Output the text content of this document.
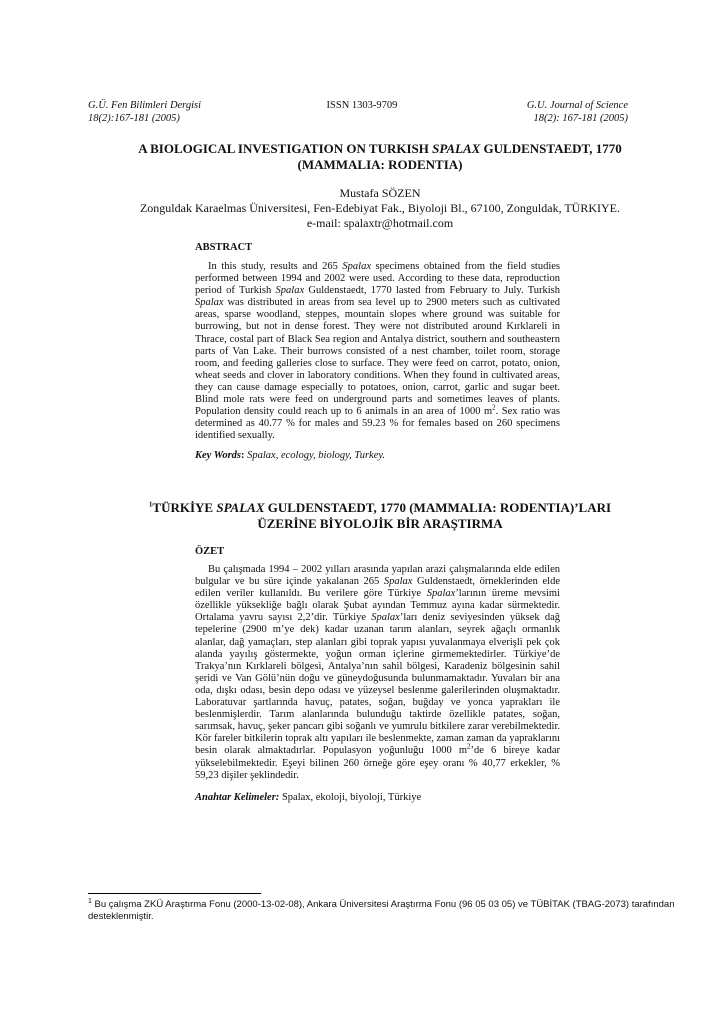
G.Ü. Fen Bilimleri Dergisi
18(2):167-181 (2005)
ISSN 1303-9709	G.U. Journal of Science
18(2): 167-181 (2005)
A BIOLOGICAL INVESTIGATION ON TURKISH SPALAX GULDENSTAEDT, 1770
(MAMMALIA: RODENTIA)
Mustafa SÖZEN
Zonguldak Karaelmas Üniversitesi, Fen-Edebiyat Fak., Biyoloji Bl., 67100, Zonguldak, TÜRKIYE.
e-mail: spalaxtr@hotmail.com
ABSTRACT

In this study, results and 265 Spalax specimens obtained from the field studies performed between 1994 and 2002 were used. According to these data, reproduction period of Turkish Spalax Guldenstaedt, 1770 lasted from February to July. Turkish Spalax was distributed in areas from sea level up to 2900 meters such as cultivated areas, sparse woodland, steppes, mountain slopes where ground was suitable for burrowing, but not in dense forest. They were not distributed around Kırklareli in Thrace, costal part of Black Sea region and Antalya district, southern and southeastern parts of Van Lake. Their burrows consisted of a nest chamber, toilet room, storage room, and feeding galleries close to surface. They were feed on carrot, potato, onion, wheat seeds and clover in laboratory conditions. When they found in cultivated areas, they can cause damage especially to potatoes, onion, carrot, garlic and sugar beet. Blind mole rats were feed on underground parts and sometimes leaves of plants. Population density could reach up to 6 animals in an area of 1000 $m^2$. Sex ratio was determined as 40.77 % for males and 59.23 % for females based on 260 specimens identified sexually.

Key Words: Spalax, ecology, biology, Turkey.
$^1$TÜRKİYE SPALAX GULDENSTAEDT, 1770 (MAMMALIA: RODENTIA)’LARI
ÜZERİNE BİYOLOJİK BİR ARAŞTIRMA
ÖZET

Bu çalışmada 1994 – 2002 yılları arasında yapılan arazi çalışmalarında elde edilen bulgular ve bu süre içinde yakalanan 265 Spalax Guldenstaedt, örneklerinden elde edilen veriler kullanıldı. Bu verilere göre Türkiye Spalax’larının üreme mevsimi özellikle yüksekliğe bağlı olarak Şubat ayından Temmuz ayına kadar sürmektedir. Ortalama yavru sayısı 2,2’dir. Türkiye Spalax’ları deniz seviyesinden yüksek dağ tepelerine (2900 m’ye dek) kadar uzanan tarım alanları, seyrek ağaçlı ormanlık alanlar, dağ yamaçları, step alanları gibi toprak yapısı yuvalanmaya elverişli pek çok alanda yayılış göstermekte, yoğun orman içlerine girmemektedirler. Türkiye’de Trakya’nın Kırklareli bölgesi, Antalya’nın sahil bölgesi, Karadeniz bölgesinin sahil şeridi ve Van Gölü’nün doğu ve güneydoğusunda bulunmamaktadır. Yuvaları bir ana oda, dışkı odası, besin depo odası ve yüzeysel beslenme galerilerinden oluşmaktadır. Laboratuvar şartlarında havuç, patates, soğan, buğday ve yonca yaprakları ile beslenmişlerdir. Tarım alanlarında bulunduğu taktirde özellikle patates, soğan, sarımsak, havuç, şeker pancarı gibi soğanlı ve yumrulu bitkilere zarar verebilmektedir. Kör fareler bitkilerin toprak altı yapıları ile beslenmekte, zaman zaman da yapraklarını besin olarak almaktadırlar. Populasyon yoğunluğu 1000 $m^2’de$ 6 bireye kadar yükselebilmektedir. Eşeyi bilinen 260 örneğe göre eşey oranı % 40,77 erkekler, % 59,23 dişiler şeklindedir.

Anahtar Kelimeler: Spalax, ekoloji, biyoloji, Türkiye
$^1$ Bu çalışma ZKÜ Araştırma Fonu (2000-13-02-08), Ankara Üniversitesi Araştırma Fonu (96 05 03 05) ve TÜBİTAK (TBAG-2073) tarafından desteklenmiştir.
